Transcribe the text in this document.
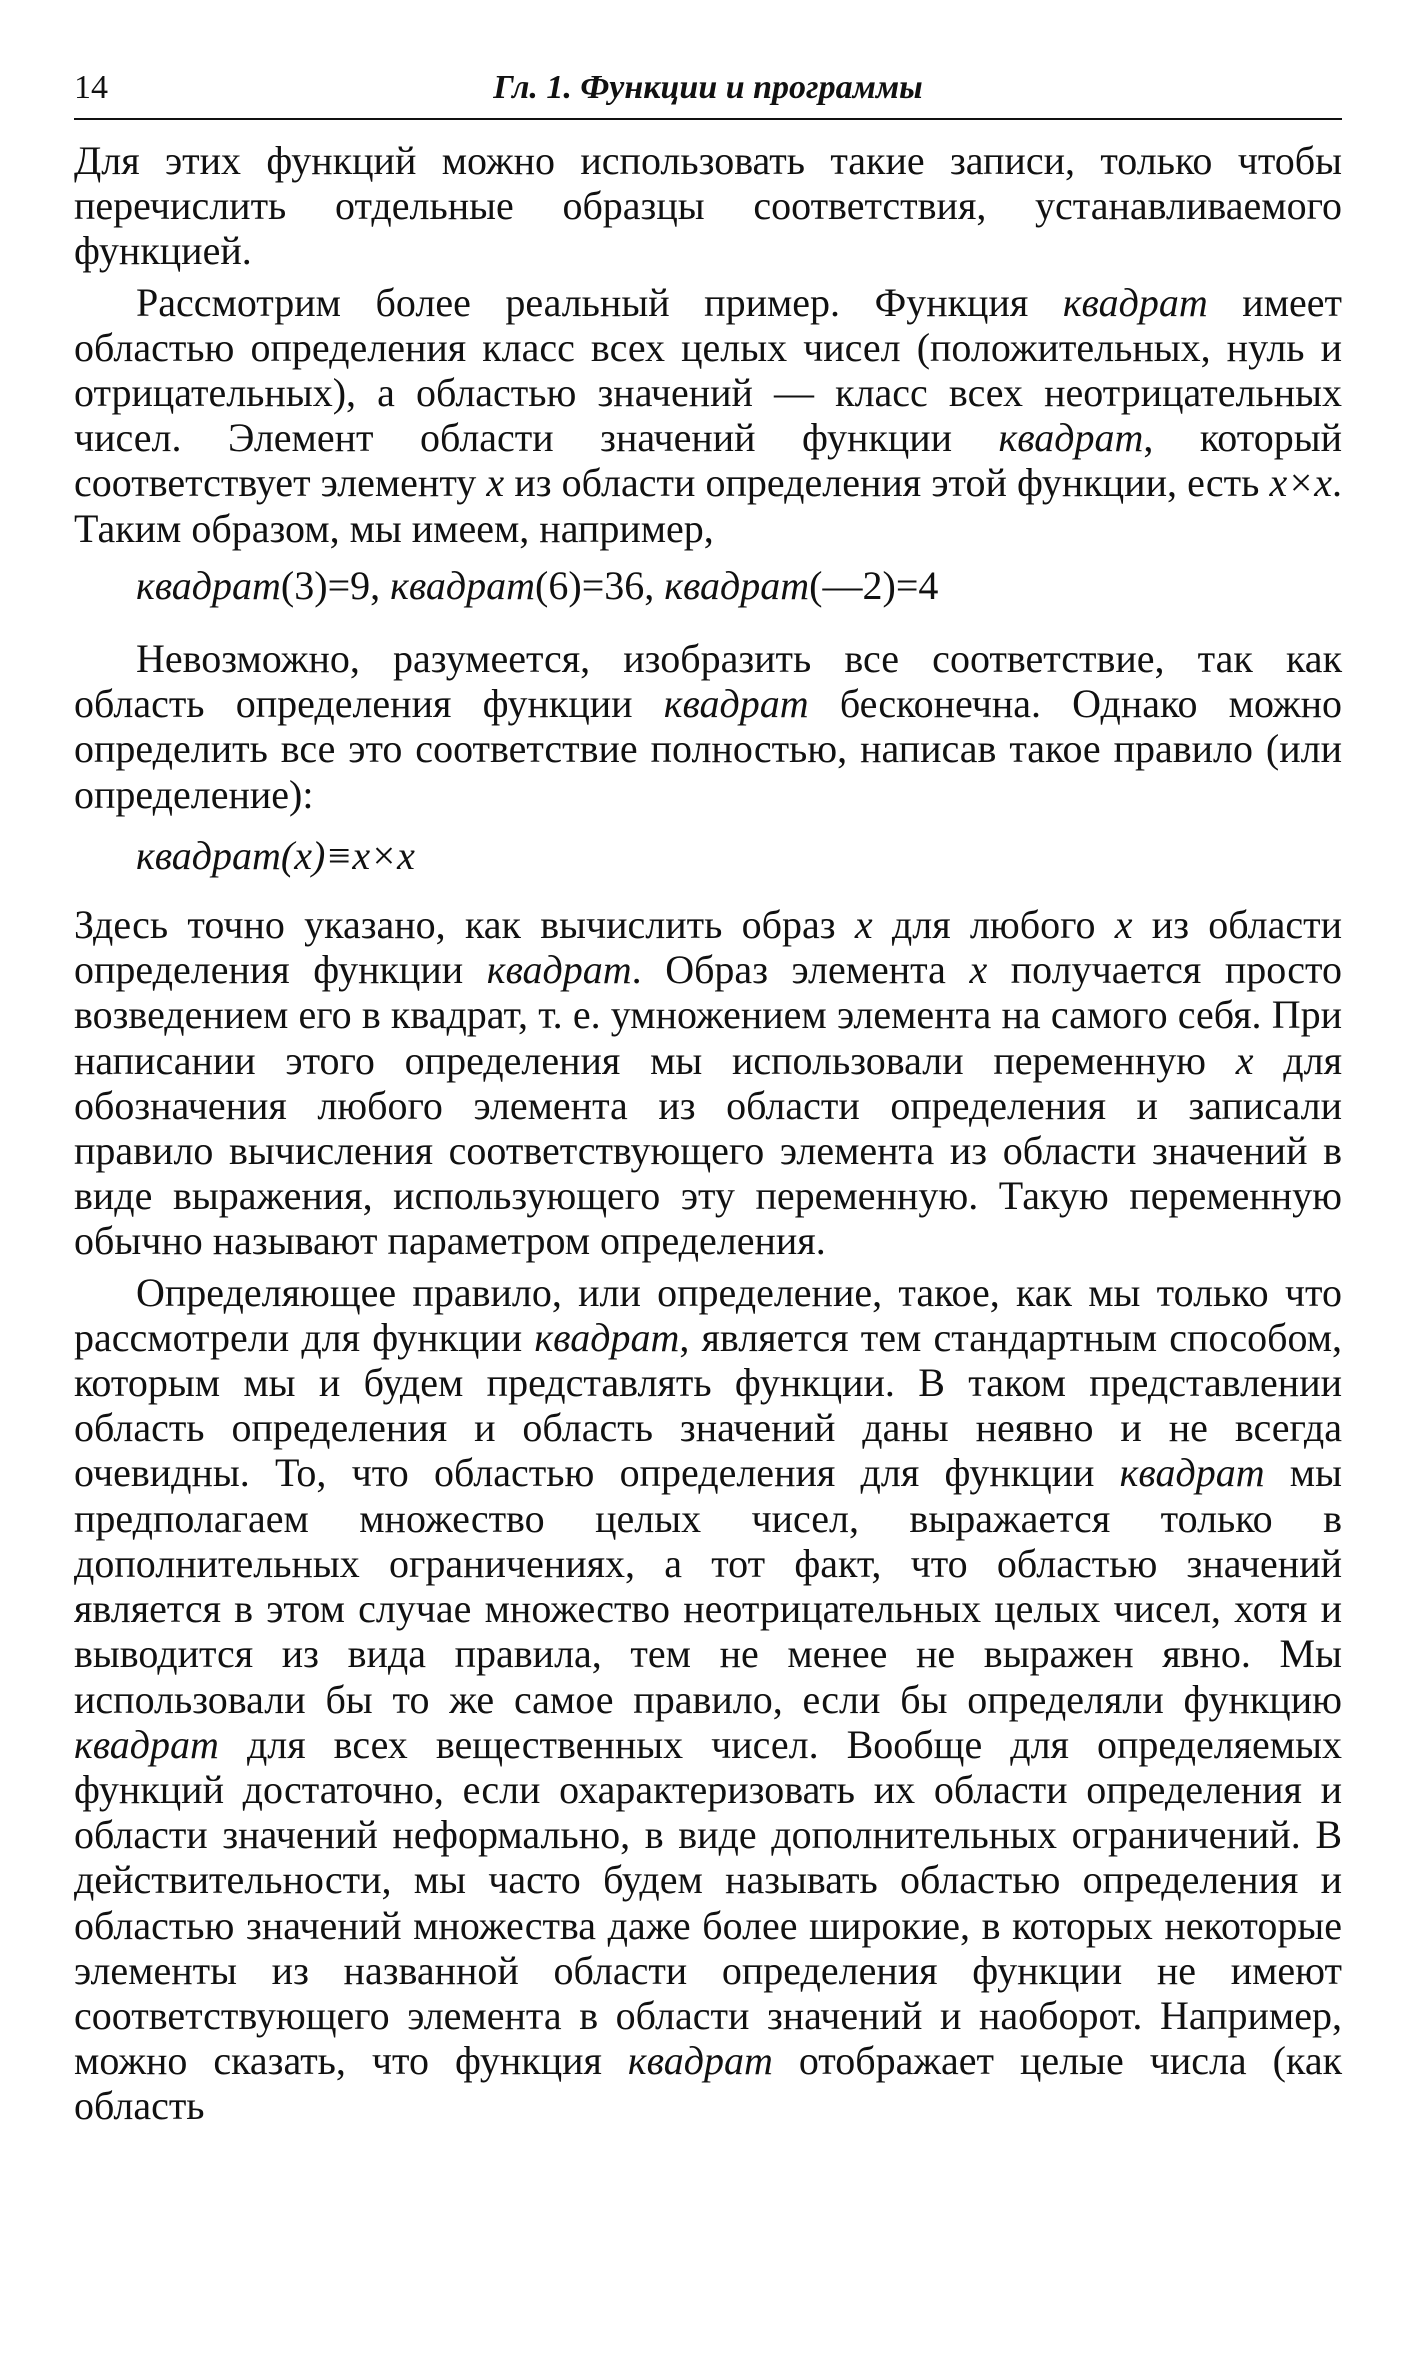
14	Гл. 1. Функции и программы

Для этих функций можно использовать такие записи, только чтобы перечислить отдельные образцы соответствия, устанавливаемого функцией.

Рассмотрим более реальный пример. Функция квадрат имеет областью определения класс всех целых чисел (положительных, нуль и отрицательных), а областью значений — класс всех неотрицательных чисел. Элемент области значений функции квадрат, который соответствует элементу x из области определения этой функции, есть x×x. Таким образом, мы имеем, например,

квадрат(3)=9, квадрат(6)=36, квадрат(—2)=4

Невозможно, разумеется, изобразить все соответствие, так как область определения функции квадрат бесконечна. Однако можно определить все это соответствие полностью, написав такое правило (или определение):

квадрат(x)≡x×x

Здесь точно указано, как вычислить образ x для любого x из области определения функции квадрат. Образ элемента x получается просто возведением его в квадрат, т. е. умножением элемента на самого себя. При написании этого определения мы использовали переменную x для обозначения любого элемента из области определения и записали правило вычисления соответствующего элемента из области значений в виде выражения, использующего эту переменную. Такую переменную обычно называют параметром определения.

Определяющее правило, или определение, такое, как мы только что рассмотрели для функции квадрат, является тем стандартным способом, которым мы и будем представлять функции. В таком представлении область определения и область значений даны неявно и не всегда очевидны. То, что областью определения для функции квадрат мы предполагаем множество целых чисел, выражается только в дополнительных ограничениях, а тот факт, что областью значений является в этом случае множество неотрицательных целых чисел, хотя и выводится из вида правила, тем не менее не выражен явно. Мы использовали бы то же самое правило, если бы определяли функцию квадрат для всех вещественных чисел. Вообще для определяемых функций достаточно, если охарактеризовать их области определения и области значений неформально, в виде дополнительных ограничений. В действительности, мы часто будем называть областью определения и областью значений множества даже более широкие, в которых некоторые элементы из названной области определения функции не имеют соответствующего элемента в области значений и наоборот. Например, можно сказать, что функция квадрат отображает целые числа (как область
